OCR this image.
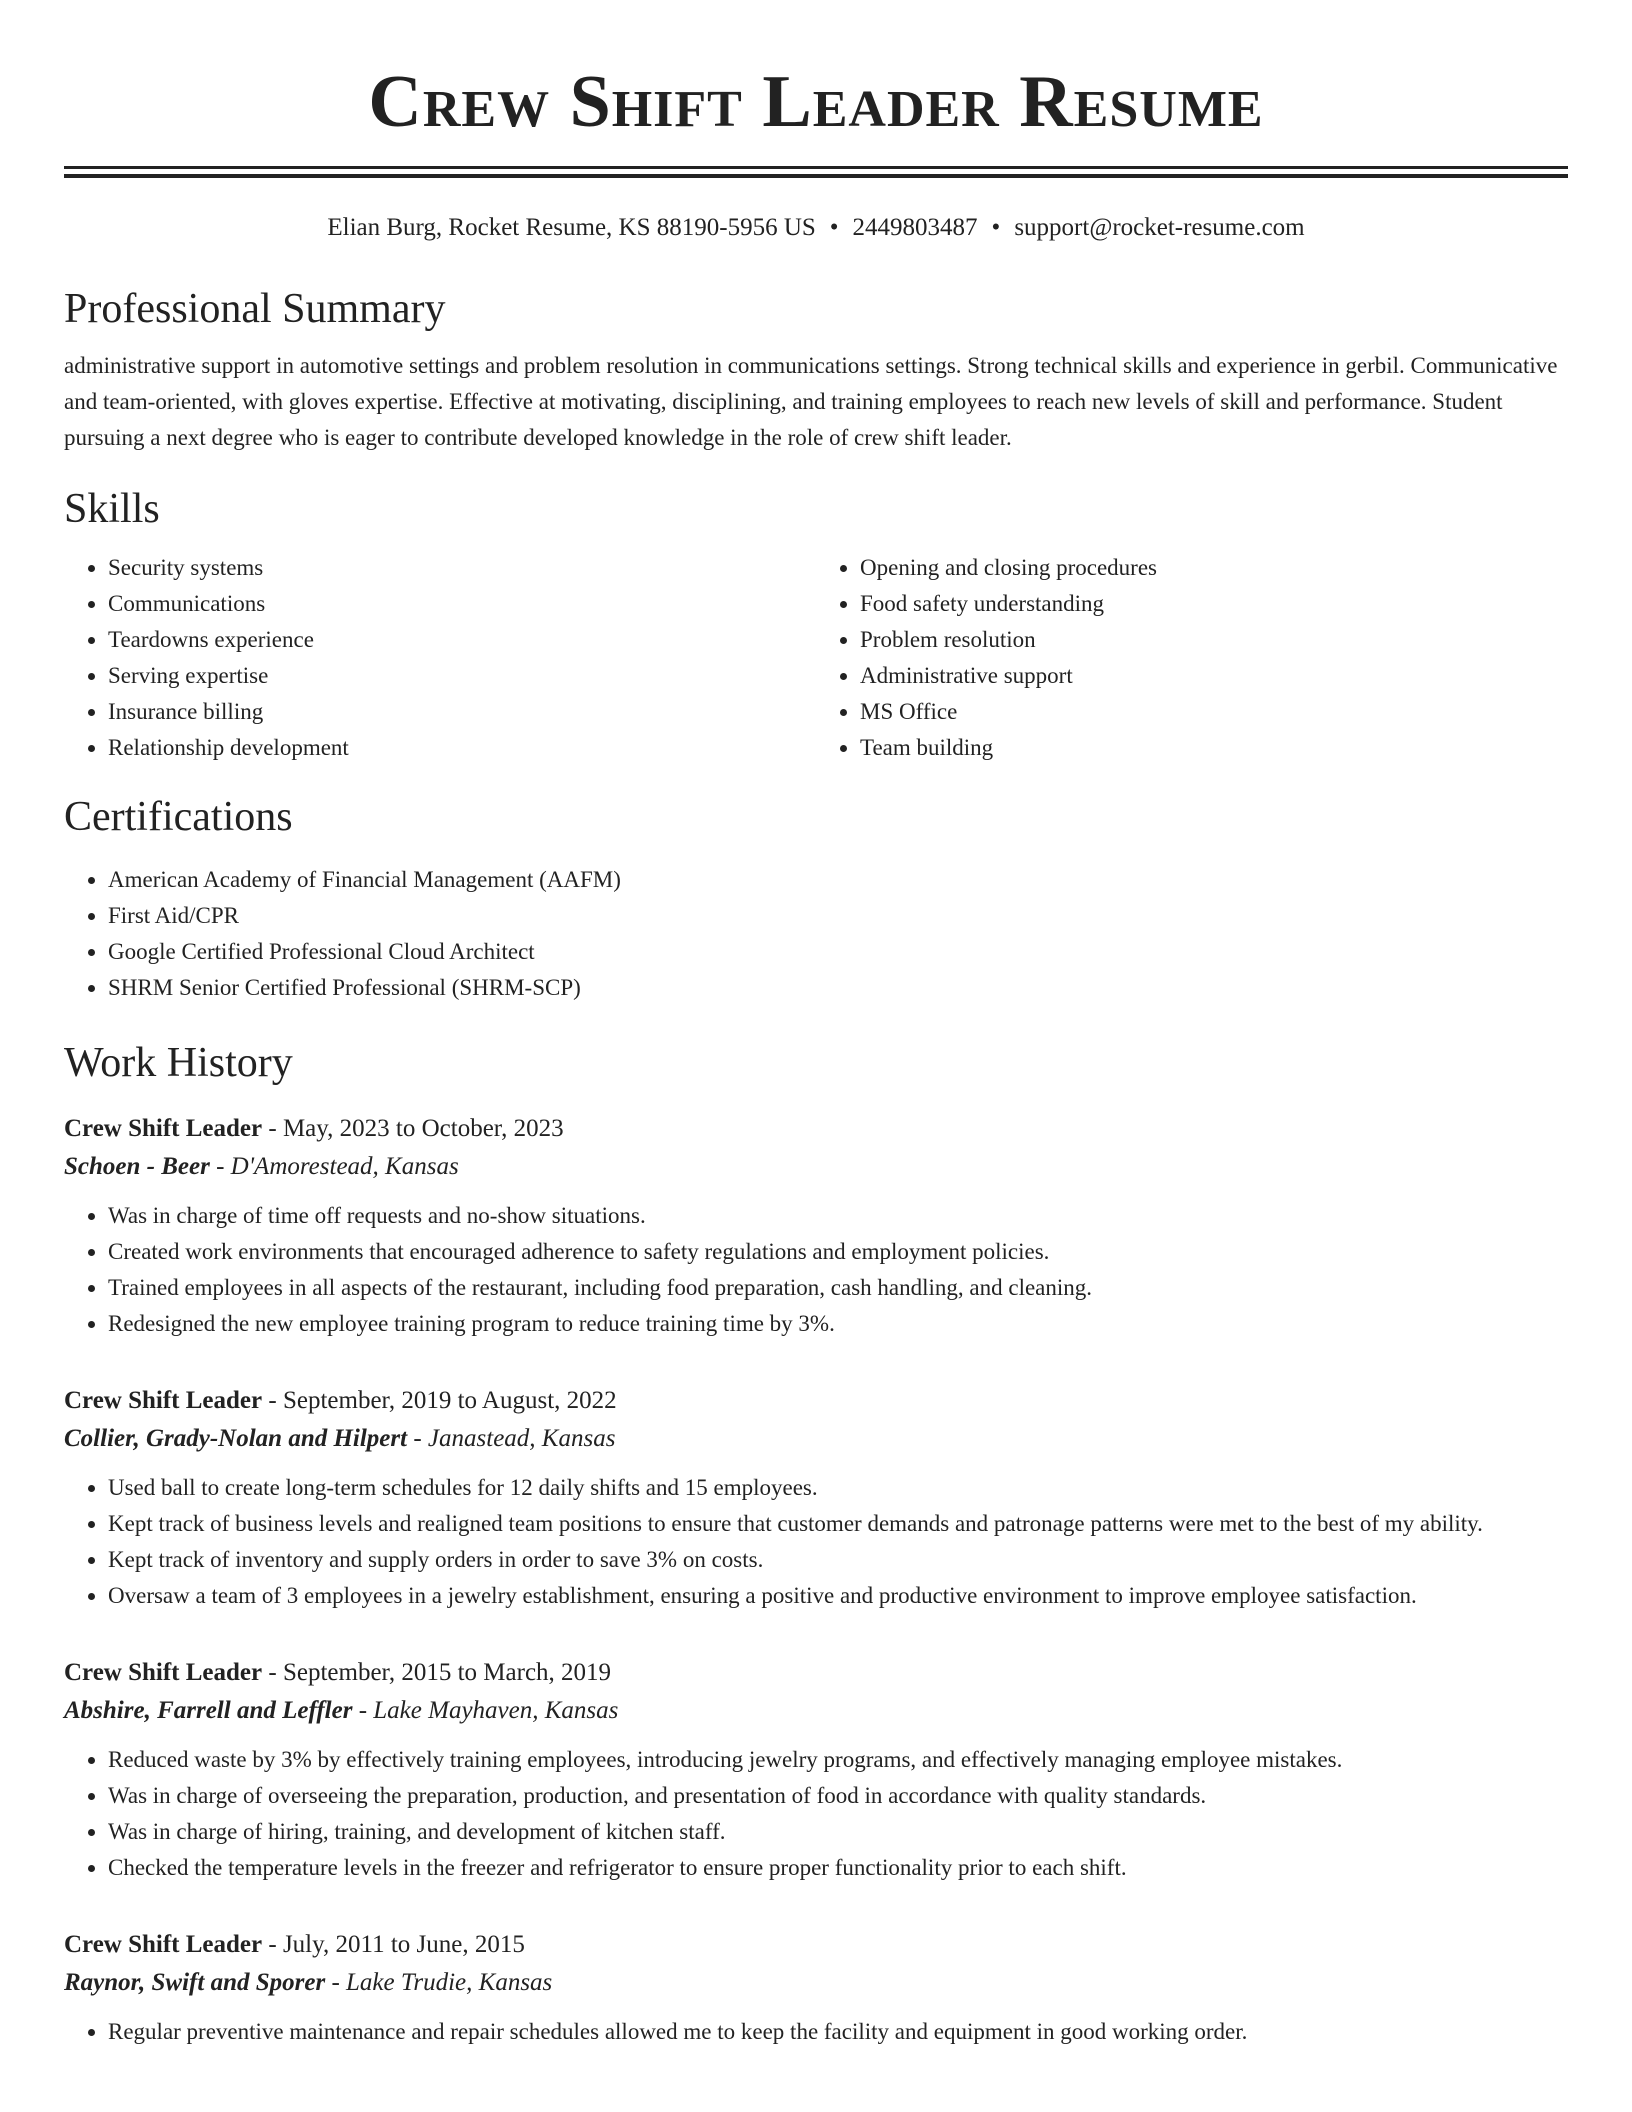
Crew Shift Leader Resume
Elian Burg, Rocket Resume, KS 88190-5956 US • 2449803487 • support@rocket-resume.com
Professional Summary

administrative support in automotive settings and problem resolution in communications settings. Strong technical skills and experience in gerbil. Communicative and team-oriented, with gloves expertise. Effective at motivating, disciplining, and training employees to reach new levels of skill and performance. Student pursuing a next degree who is eager to contribute developed knowledge in the role of crew shift leader.

Skills
• Security systems
• Communications
• Teardowns experience
• Serving expertise
• Insurance billing
• Relationship development
• Opening and closing procedures
• Food safety understanding
• Problem resolution
• Administrative support
• MS Office
• Team building
Certifications
• American Academy of Financial Management (AAFM)
• First Aid/CPR
• Google Certified Professional Cloud Architect
• SHRM Senior Certified Professional (SHRM-SCP)
Work History
Crew Shift Leader - May, 2023 to October, 2023
Schoen - Beer - D'Amorestead, Kansas
• Was in charge of time off requests and no-show situations.
• Created work environments that encouraged adherence to safety regulations and employment policies.
• Trained employees in all aspects of the restaurant, including food preparation, cash handling, and cleaning.
• Redesigned the new employee training program to reduce training time by 3%.
Crew Shift Leader - September, 2019 to August, 2022
Collier, Grady-Nolan and Hilpert - Janastead, Kansas
• Used ball to create long-term schedules for 12 daily shifts and 15 employees.
• Kept track of business levels and realigned team positions to ensure that customer demands and patronage patterns were met to the best of my ability.
• Kept track of inventory and supply orders in order to save 3% on costs.
• Oversaw a team of 3 employees in a jewelry establishment, ensuring a positive and productive environment to improve employee satisfaction.
Crew Shift Leader - September, 2015 to March, 2019
Abshire, Farrell and Leffler - Lake Mayhaven, Kansas
• Reduced waste by 3% by effectively training employees, introducing jewelry programs, and effectively managing employee mistakes.
• Was in charge of overseeing the preparation, production, and presentation of food in accordance with quality standards.
• Was in charge of hiring, training, and development of kitchen staff.
• Checked the temperature levels in the freezer and refrigerator to ensure proper functionality prior to each shift.
Crew Shift Leader - July, 2011 to June, 2015
Raynor, Swift and Sporer - Lake Trudie, Kansas
• Regular preventive maintenance and repair schedules allowed me to keep the facility and equipment in good working order.
